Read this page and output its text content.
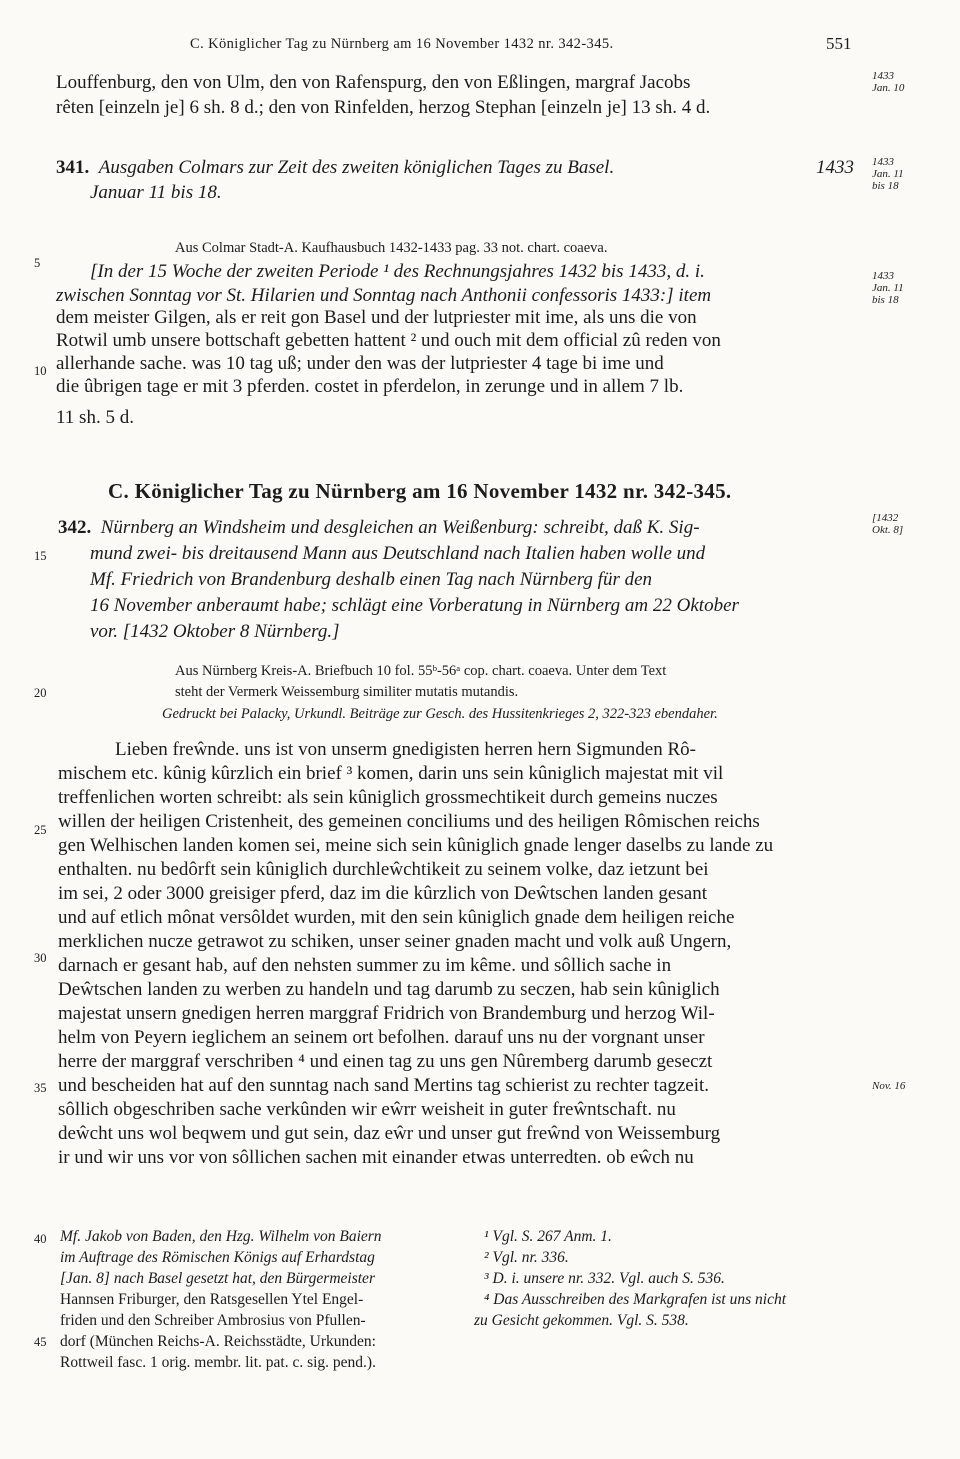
C. Königlicher Tag zu Nürnberg am 16 November 1432 nr. 342-345.	551
Louffenburg, den von Ulm, den von Rafenspurg, den von Eßlingen, margraf Jacobs
rêten [einzeln je] 6 sh. 8 d.; den von Rinfelden, herzog Stephan [einzeln je] 13 sh. 4 d.
1433
Jan. 10
341. Ausgaben Colmars zur Zeit des zweiten königlichen Tages zu Basel.	1433
Januar 11 bis 18.
1433
Jan. 11
bis 18
Aus Colmar Stadt-A. Kaufhausbuch 1432-1433 pag. 33 not. chart. coaeva.
[In der 15 Woche der zweiten Periode ¹ des Rechnungsjahres 1432 bis 1433, d. i.
zwischen Sonntag vor St. Hilarien und Sonntag nach Anthonii confessoris 1433:] item
dem meister Gilgen, als er reit gon Basel und der lutpriester mit ime, als uns die von
Rotwil umb unsere bottschaft gebetten hattent ² und ouch mit dem official zû reden von
allerhande sache. was 10 tag uß; under den was der lutpriester 4 tage bi ime und
die ûbrigen tage er mit 3 pferden. costet in pferdelon, in zerunge und in allem 7 lb.
11 sh. 5 d.
1433
Jan. 11
bis 18
C. Königlicher Tag zu Nürnberg am 16 November 1432 nr. 342-345.
342. Nürnberg an Windsheim und desgleichen an Weißenburg: schreibt, daß K. Sig-
mund zwei- bis dreitausend Mann aus Deutschland nach Italien haben wolle und
Mf. Friedrich von Brandenburg deshalb einen Tag nach Nürnberg für den
16 November anberaumt habe; schlägt eine Vorberatung in Nürnberg am 22 Oktober
vor. [1432 Oktober 8 Nürnberg.]
[1432
Okt. 8]
Aus Nürnberg Kreis-A. Briefbuch 10 fol. 55ᵇ-56ᵃ cop. chart. coaeva. Unter dem Text
steht der Vermerk Weissemburg similiter mutatis mutandis.
Gedruckt bei Palacky, Urkundl. Beiträge zur Gesch. des Hussitenkrieges 2, 322-323 ebendaher.
Lieben freŵnde. uns ist von unserm gnedigisten herren hern Sigmunden Rô-
mischem etc. kûnig kûrzlich ein brief ³ komen, darin uns sein kûniglich majestat mit vil
treffenlichen worten schreibt: als sein kûniglich grossmechtikeit durch gemeins nuczes
willen der heiligen Cristenheit, des gemeinen conciliums und des heiligen Rômischen reichs
gen Welhischen landen komen sei, meine sich sein kûniglich gnade lenger daselbs zu lande zu
enthalten. nu bedôrft sein kûniglich durchleŵchtikeit zu seinem volke, daz ietzunt bei
im sei, 2 oder 3000 greisiger pferd, daz im die kûrzlich von Deŵtschen landen gesant
und auf etlich mônat versôldet wurden, mit den sein kûniglich gnade dem heiligen reiche
merklichen nucze getrawot zu schiken, unser seiner gnaden macht und volk auß Ungern,
darnach er gesant hab, auf den nehsten summer zu im kême. und sôllich sache in
Deŵtschen landen zu werben zu handeln und tag darumb zu seczen, hab sein kûniglich
majestat unsern gnedigen herren marggraf Fridrich von Brandemburg und herzog Wil-
helm von Peyern ieglichem an seinem ort befolhen. darauf uns nu der vorgnant unser
herre der marggraf verschriben ⁴ und einen tag zu uns gen Nûremberg darumb geseczt
und bescheiden hat auf den sunntag nach sand Mertins tag schierist zu rechter tagzeit.
sôllich obgeschriben sache verkûnden wir eŵrr weisheit in guter freŵntschaft. nu
deŵcht uns wol beqwem und gut sein, daz eŵr und unser gut freŵnd von Weissemburg
ir und wir uns vor von sôllichen sachen mit einander etwas unterredten. ob eŵch nu
Nov. 16
5
10
15
20
25
30
35
40
45
Mf. Jakob von Baden, den Hzg. Wilhelm von Baiern
im Auftrage des Römischen Königs auf Erhardstag
[Jan. 8] nach Basel gesetzt hat, den Bürgermeister
Hannsen Friburger, den Ratsgesellen Ytel Engel-
friden und den Schreiber Ambrosius von Pfullen-
dorf (München Reichs-A. Reichsstädte, Urkunden:
Rottweil fasc. 1 orig. membr. lit. pat. c. sig. pend.).
¹ Vgl. S. 267 Anm. 1.
² Vgl. nr. 336.
³ D. i. unsere nr. 332. Vgl. auch S. 536.
⁴ Das Ausschreiben des Markgrafen ist uns nicht
zu Gesicht gekommen. Vgl. S. 538.
